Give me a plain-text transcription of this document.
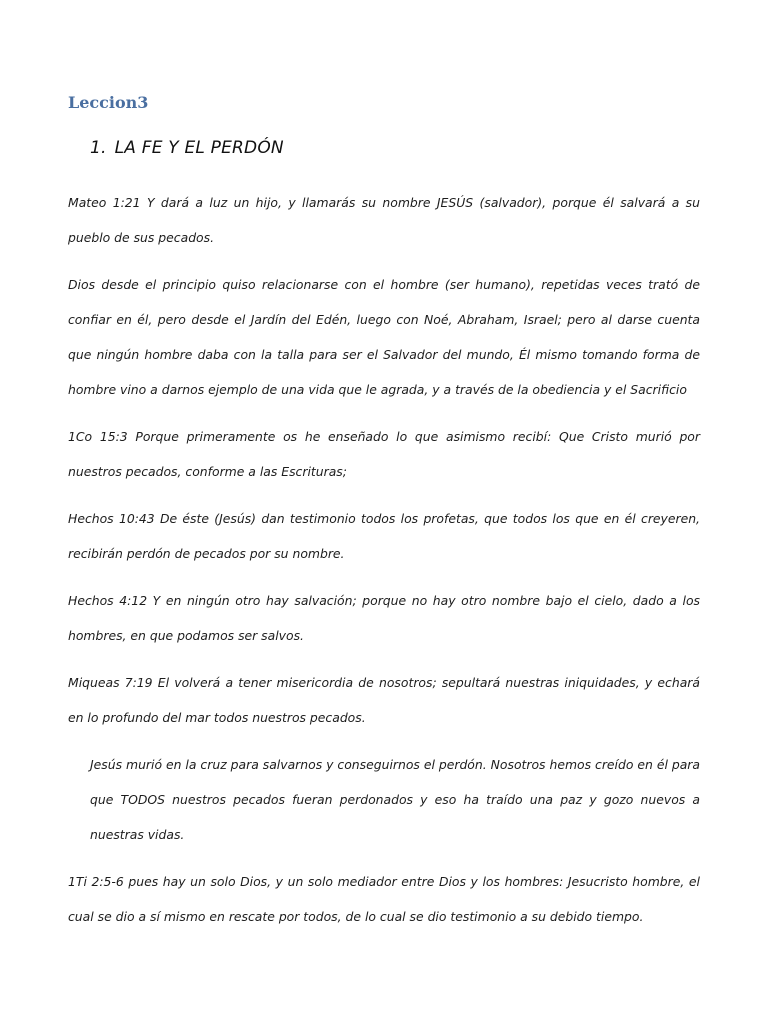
Leccion3
1. LA FE Y EL PERDÓN

Mateo 1:21 Y dará a luz un hijo, y llamarás su nombre JESÚS (salvador), porque él salvará a su pueblo de sus pecados.

Dios desde el principio quiso relacionarse con el hombre (ser humano), repetidas veces trató de confiar en él, pero desde el Jardín del Edén, luego con Noé, Abraham, Israel; pero al darse cuenta que ningún hombre daba con la talla para ser el Salvador del mundo, Él mismo tomando forma de hombre vino a darnos ejemplo de una vida que le agrada, y a través de la obediencia y el Sacrificio

1Co 15:3 Porque primeramente os he enseñado lo que asimismo recibí: Que Cristo murió por nuestros pecados, conforme a las Escrituras;

Hechos 10:43 De éste (Jesús) dan testimonio todos los profetas, que todos los que en él creyeren, recibirán perdón de pecados por su nombre.

Hechos 4:12 Y en ningún otro hay salvación; porque no hay otro nombre bajo el cielo, dado a los hombres, en que podamos ser salvos.

Miqueas 7:19 El volverá a tener misericordia de nosotros; sepultará nuestras iniquidades, y echará en lo profundo del mar todos nuestros pecados.

Jesús murió en la cruz para salvarnos y conseguirnos el perdón. Nosotros hemos creído en él para que TODOS nuestros pecados fueran perdonados y eso ha traído una paz y gozo nuevos a nuestras vidas.

1Ti 2:5-6 pues hay un solo Dios, y un solo mediador entre Dios y los hombres: Jesucristo hombre, el cual se dio a sí mismo en rescate por todos, de lo cual se dio testimonio a su debido tiempo.
